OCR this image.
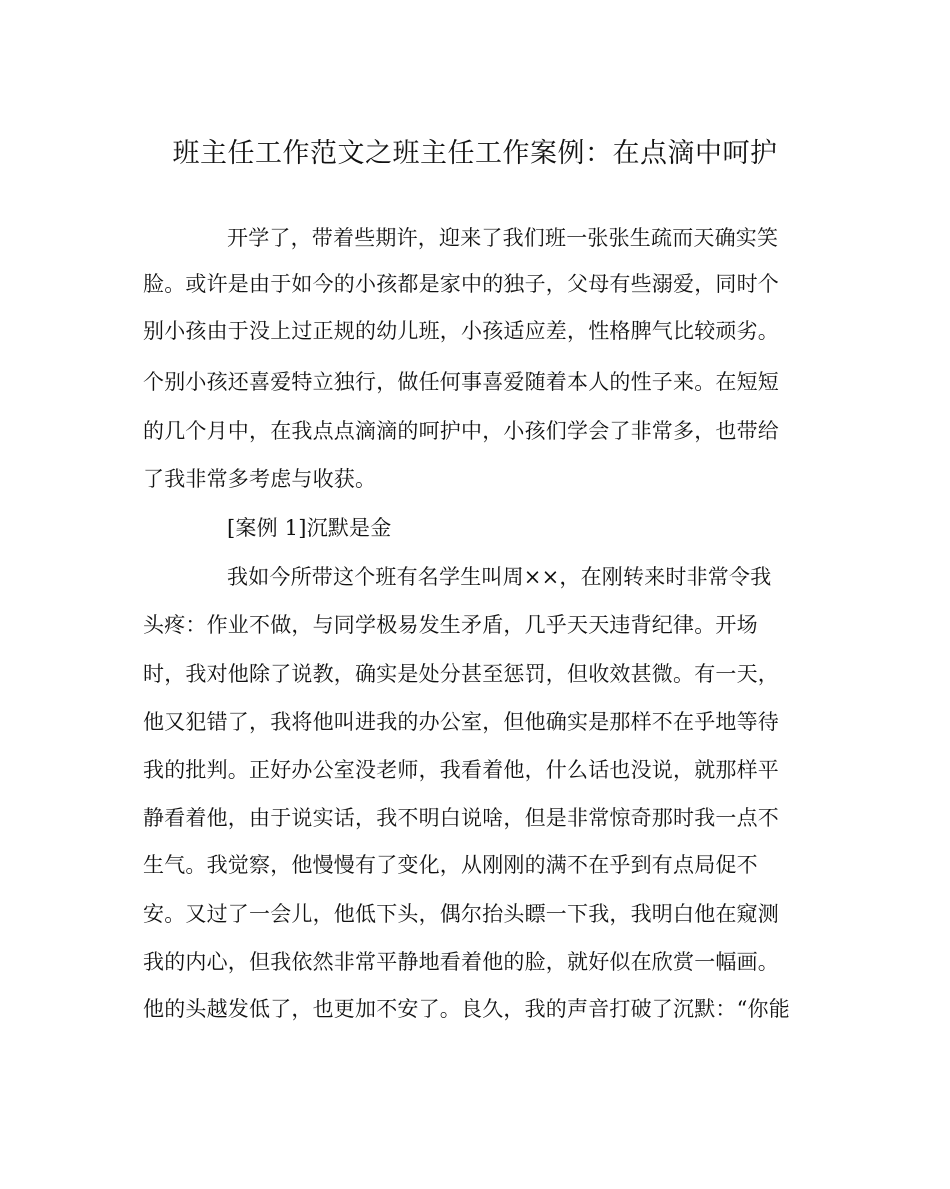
班主任工作范文之班主任工作案例：在点滴中呵护
开学了，带着些期许，迎来了我们班一张张生疏而天确实笑
脸。或许是由于如今的小孩都是家中的独子，父母有些溺爱，同时个
别小孩由于没上过正规的幼儿班，小孩适应差，性格脾气比较顽劣。
个别小孩还喜爱特立独行，做任何事喜爱随着本人的性子来。在短短
的几个月中，在我点点滴滴的呵护中，小孩们学会了非常多，也带给
了我非常多考虑与收获。
[案例 1]沉默是金
我如今所带这个班有名学生叫周××，在刚转来时非常令我
头疼：作业不做，与同学极易发生矛盾，几乎天天违背纪律。开场
时，我对他除了说教，确实是处分甚至惩罚，但收效甚微。有一天，
他又犯错了，我将他叫进我的办公室，但他确实是那样不在乎地等待
我的批判。正好办公室没老师，我看着他，什么话也没说，就那样平
静看着他，由于说实话，我不明白说啥，但是非常惊奇那时我一点不
生气。我觉察，他慢慢有了变化，从刚刚的满不在乎到有点局促不
安。又过了一会儿，他低下头，偶尔抬头瞟一下我，我明白他在窥测
我的内心，但我依然非常平静地看着他的脸，就好似在欣赏一幅画。
他的头越发低了，也更加不安了。良久，我的声音打破了沉默：“你能
